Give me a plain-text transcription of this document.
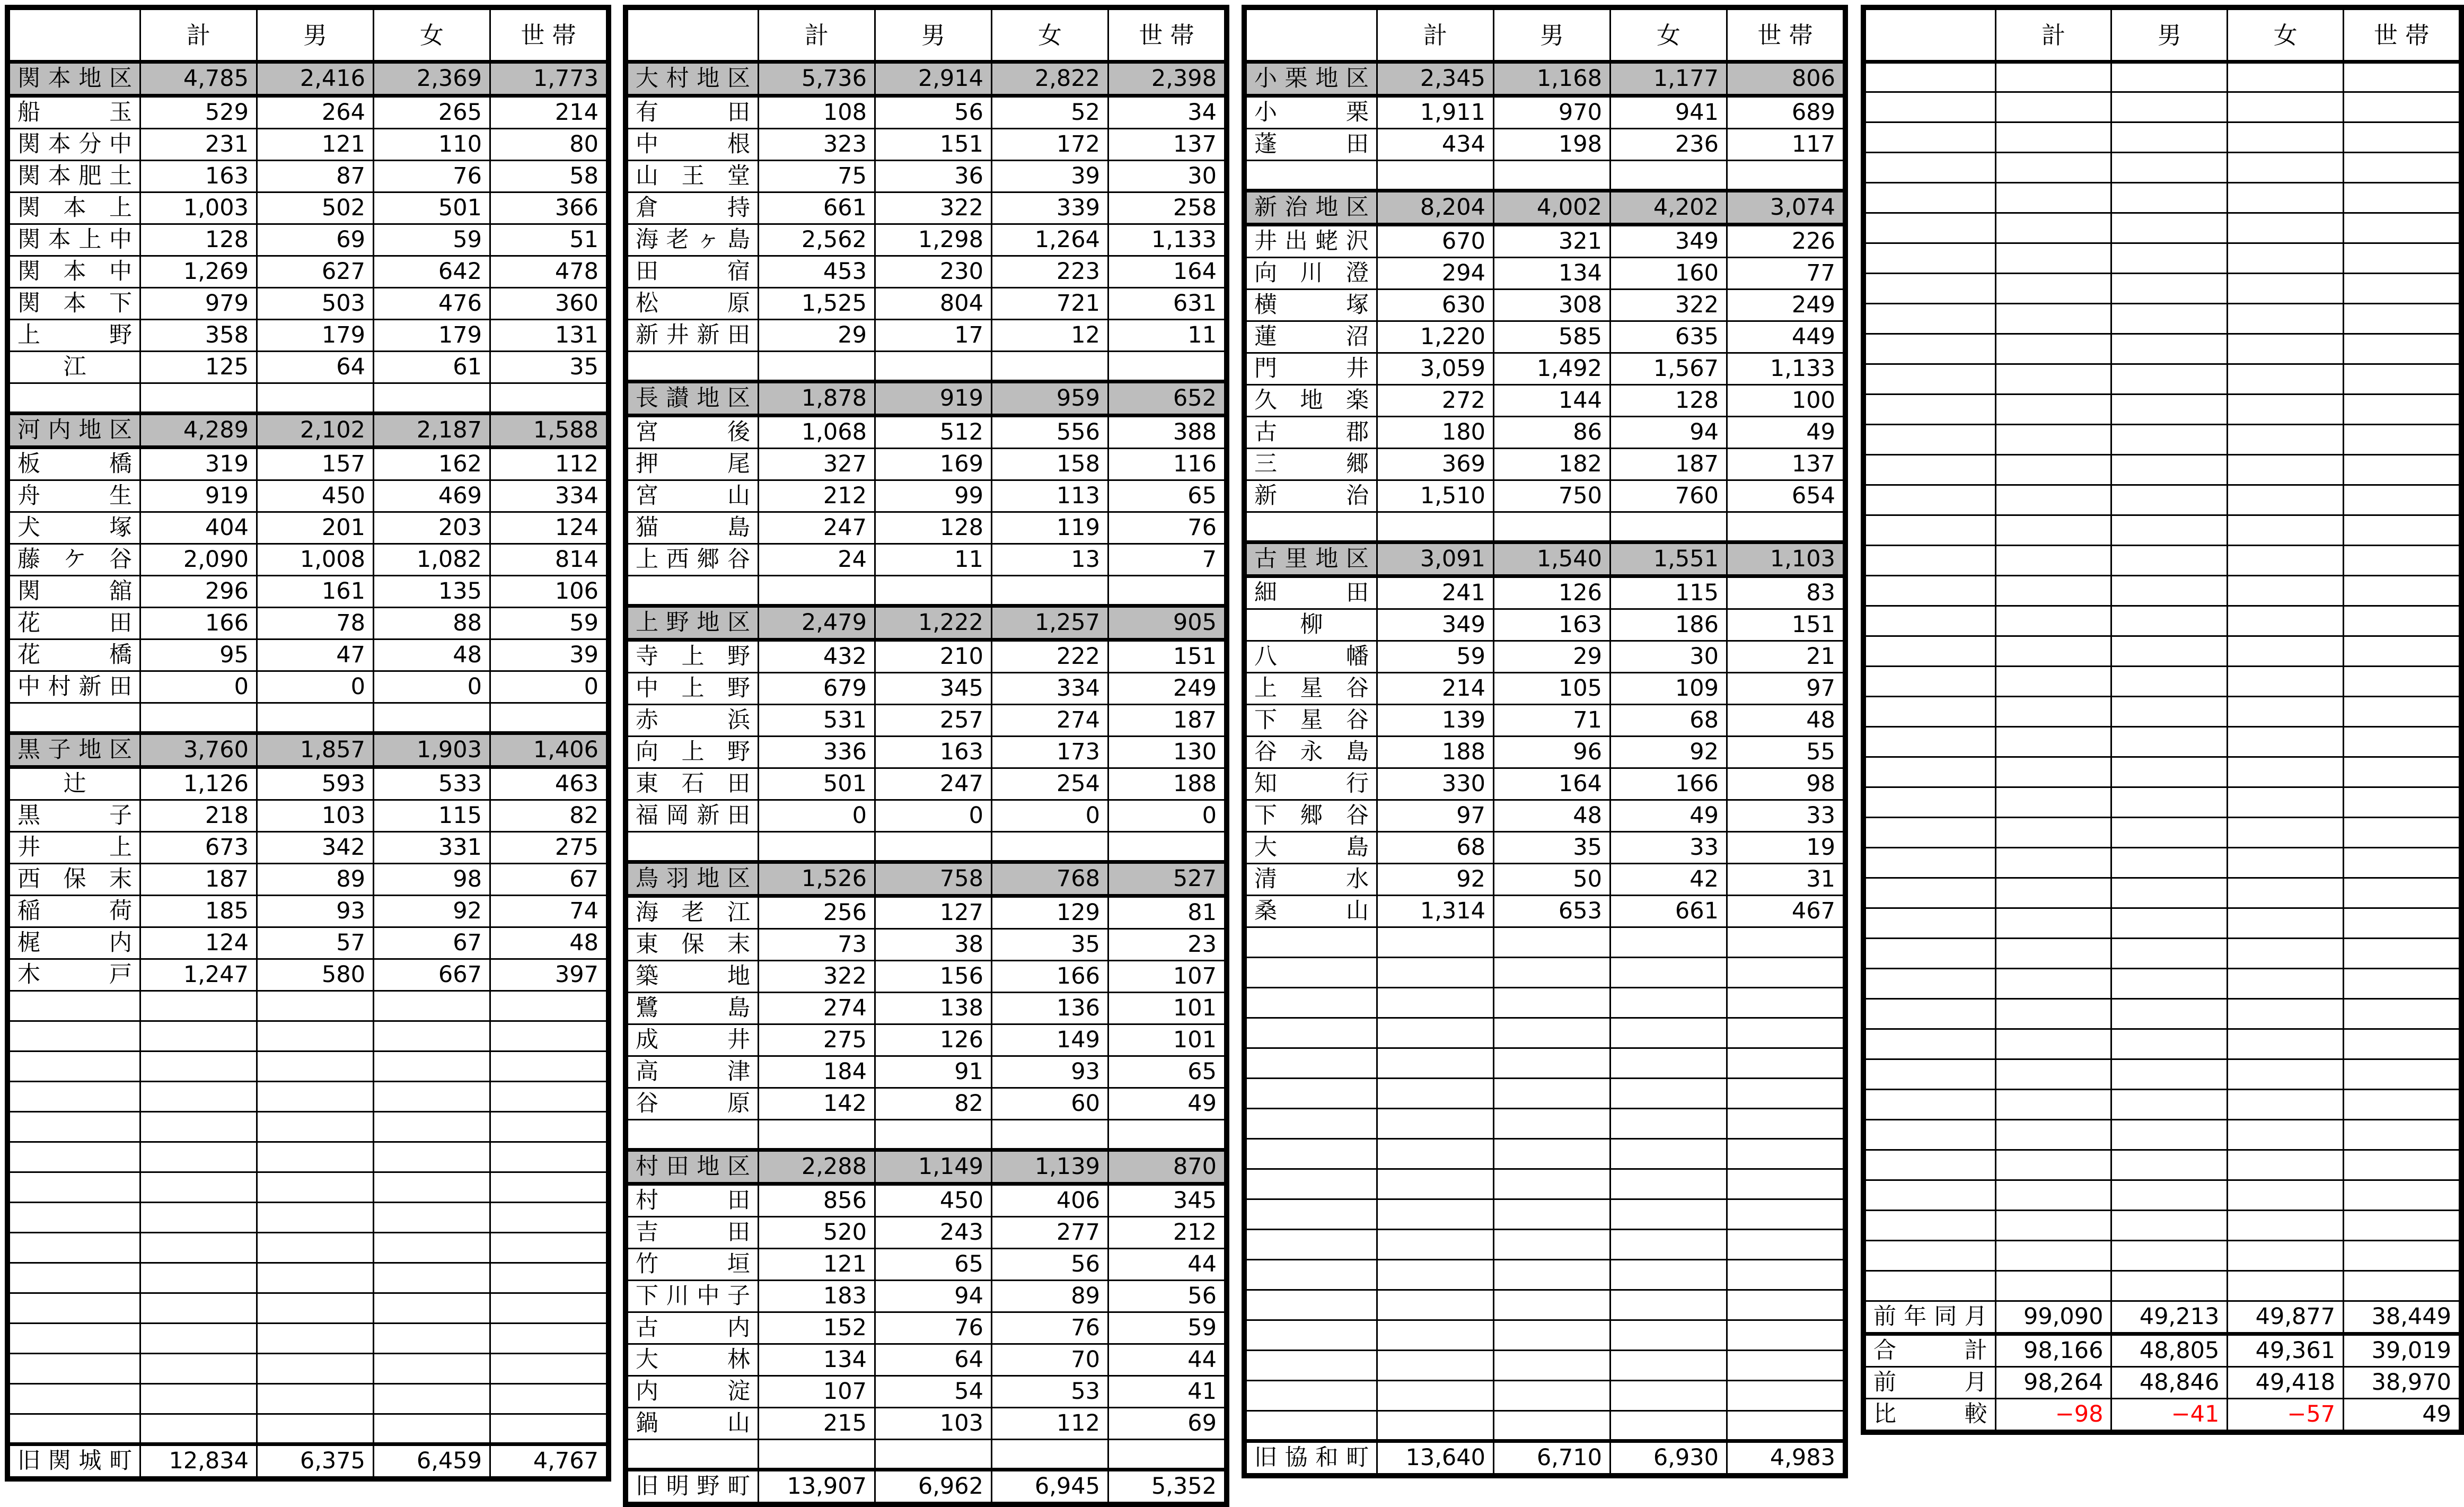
	計	男	女	世 帯
関本地区	4,785	2,416	2,369	1,773
船玉	529	264	265	214
関本分中	231	121	110	80
関本肥土	163	87	76	58
関本上	1,003	502	501	366
関本上中	128	69	59	51
関本中	1,269	627	642	478
関本下	979	503	476	360
上野	358	179	179	131
江	125	64	61	35

河内地区	4,289	2,102	2,187	1,588
板橋	319	157	162	112
舟生	919	450	469	334
犬塚	404	201	203	124
藤ケ谷	2,090	1,008	1,082	814
関舘	296	161	135	106
花田	166	78	88	59
花橋	95	47	48	39
中村新田	0	0	0	0

黒子地区	3,760	1,857	1,903	1,406
辻	1,126	593	533	463
黒子	218	103	115	82
井上	673	342	331	275
西保末	187	89	98	67
稲荷	185	93	92	74
梶内	124	57	67	48
木戸	1,247	580	667	397

旧関城町	12,834	6,375	6,459	4,767
	計	男	女	世 帯
大村地区	5,736	2,914	2,822	2,398
有田	108	56	52	34
中根	323	151	172	137
山王堂	75	36	39	30
倉持	661	322	339	258
海老ヶ島	2,562	1,298	1,264	1,133
田宿	453	230	223	164
松原	1,525	804	721	631
新井新田	29	17	12	11

長讃地区	1,878	919	959	652
宮後	1,068	512	556	388
押尾	327	169	158	116
宮山	212	99	113	65
猫島	247	128	119	76
上西郷谷	24	11	13	7

上野地区	2,479	1,222	1,257	905
寺上野	432	210	222	151
中上野	679	345	334	249
赤浜	531	257	274	187
向上野	336	163	173	130
東石田	501	247	254	188
福岡新田	0	0	0	0

鳥羽地区	1,526	758	768	527
海老江	256	127	129	81
東保末	73	38	35	23
築地	322	156	166	107
鷺島	274	138	136	101
成井	275	126	149	101
高津	184	91	93	65
谷原	142	82	60	49

村田地区	2,288	1,149	1,139	870
村田	856	450	406	345
吉田	520	243	277	212
竹垣	121	65	56	44
下川中子	183	94	89	56
古内	152	76	76	59
大林	134	64	70	44
内淀	107	54	53	41
鍋山	215	103	112	69

旧明野町	13,907	6,962	6,945	5,352
	計	男	女	世 帯
小栗地区	2,345	1,168	1,177	806
小栗	1,911	970	941	689
蓬田	434	198	236	117

新治地区	8,204	4,002	4,202	3,074
井出蛯沢	670	321	349	226
向川澄	294	134	160	77
横塚	630	308	322	249
蓮沼	1,220	585	635	449
門井	3,059	1,492	1,567	1,133
久地楽	272	144	128	100
古郡	180	86	94	49
三郷	369	182	187	137
新治	1,510	750	760	654

古里地区	3,091	1,540	1,551	1,103
細田	241	126	115	83
柳	349	163	186	151
八幡	59	29	30	21
上星谷	214	105	109	97
下星谷	139	71	68	48
谷永島	188	96	92	55
知行	330	164	166	98
下郷谷	97	48	49	33
大島	68	35	33	19
清水	92	50	42	31
桑山	1,314	653	661	467

旧協和町	13,640	6,710	6,930	4,983
	計	男	女	世 帯

前年同月	99,090	49,213	49,877	38,449
合計	98,166	48,805	49,361	39,019
前月	98,264	48,846	49,418	38,970
比較	−98	−41	−57	49
